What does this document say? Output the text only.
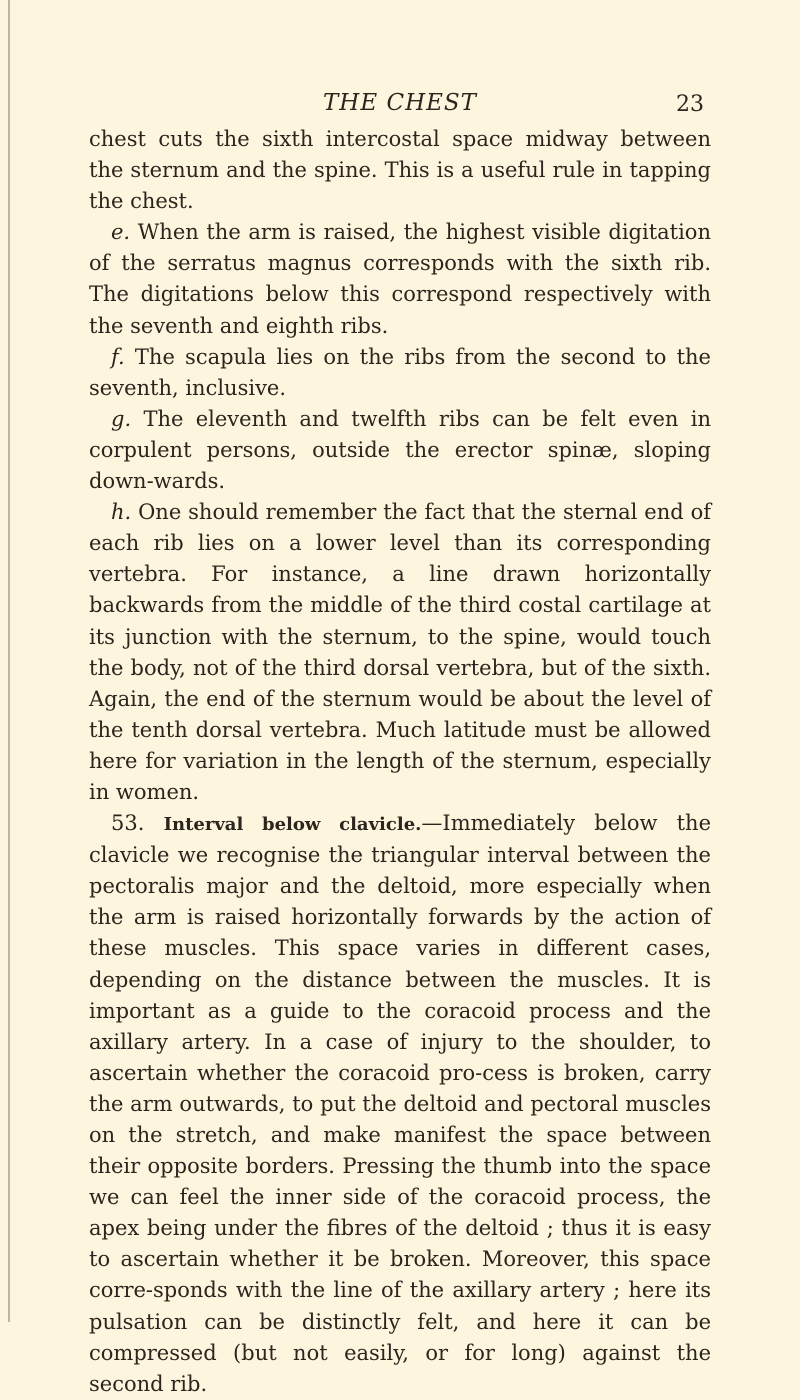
THE CHEST	23

chest cuts the sixth intercostal space midway between the sternum and the spine. This is a useful rule in tapping the chest.

e. When the arm is raised, the highest visible digitation of the serratus magnus corresponds with the sixth rib. The digitations below this correspond respectively with the seventh and eighth ribs.

f. The scapula lies on the ribs from the second to the seventh, inclusive.

g. The eleventh and twelfth ribs can be felt even in corpulent persons, outside the erector spinæ, sloping down-wards.

h. One should remember the fact that the sternal end of each rib lies on a lower level than its corresponding vertebra. For instance, a line drawn horizontally backwards from the middle of the third costal cartilage at its junction with the sternum, to the spine, would touch the body, not of the third dorsal vertebra, but of the sixth. Again, the end of the sternum would be about the level of the tenth dorsal vertebra. Much latitude must be allowed here for variation in the length of the sternum, especially in women.

53. Interval below clavicle.—Immediately below the clavicle we recognise the triangular interval between the pectoralis major and the deltoid, more especially when the arm is raised horizontally forwards by the action of these muscles. This space varies in different cases, depending on the distance between the muscles. It is important as a guide to the coracoid process and the axillary artery. In a case of injury to the shoulder, to ascertain whether the coracoid pro-cess is broken, carry the arm outwards, to put the deltoid and pectoral muscles on the stretch, and make manifest the space between their opposite borders. Pressing the thumb into the space we can feel the inner side of the coracoid process, the apex being under the fibres of the deltoid ; thus it is easy to ascertain whether it be broken. Moreover, this space corre-sponds with the line of the axillary artery ; here its pulsation can be distinctly felt, and here it can be compressed (but not easily, or for long) against the second rib.
